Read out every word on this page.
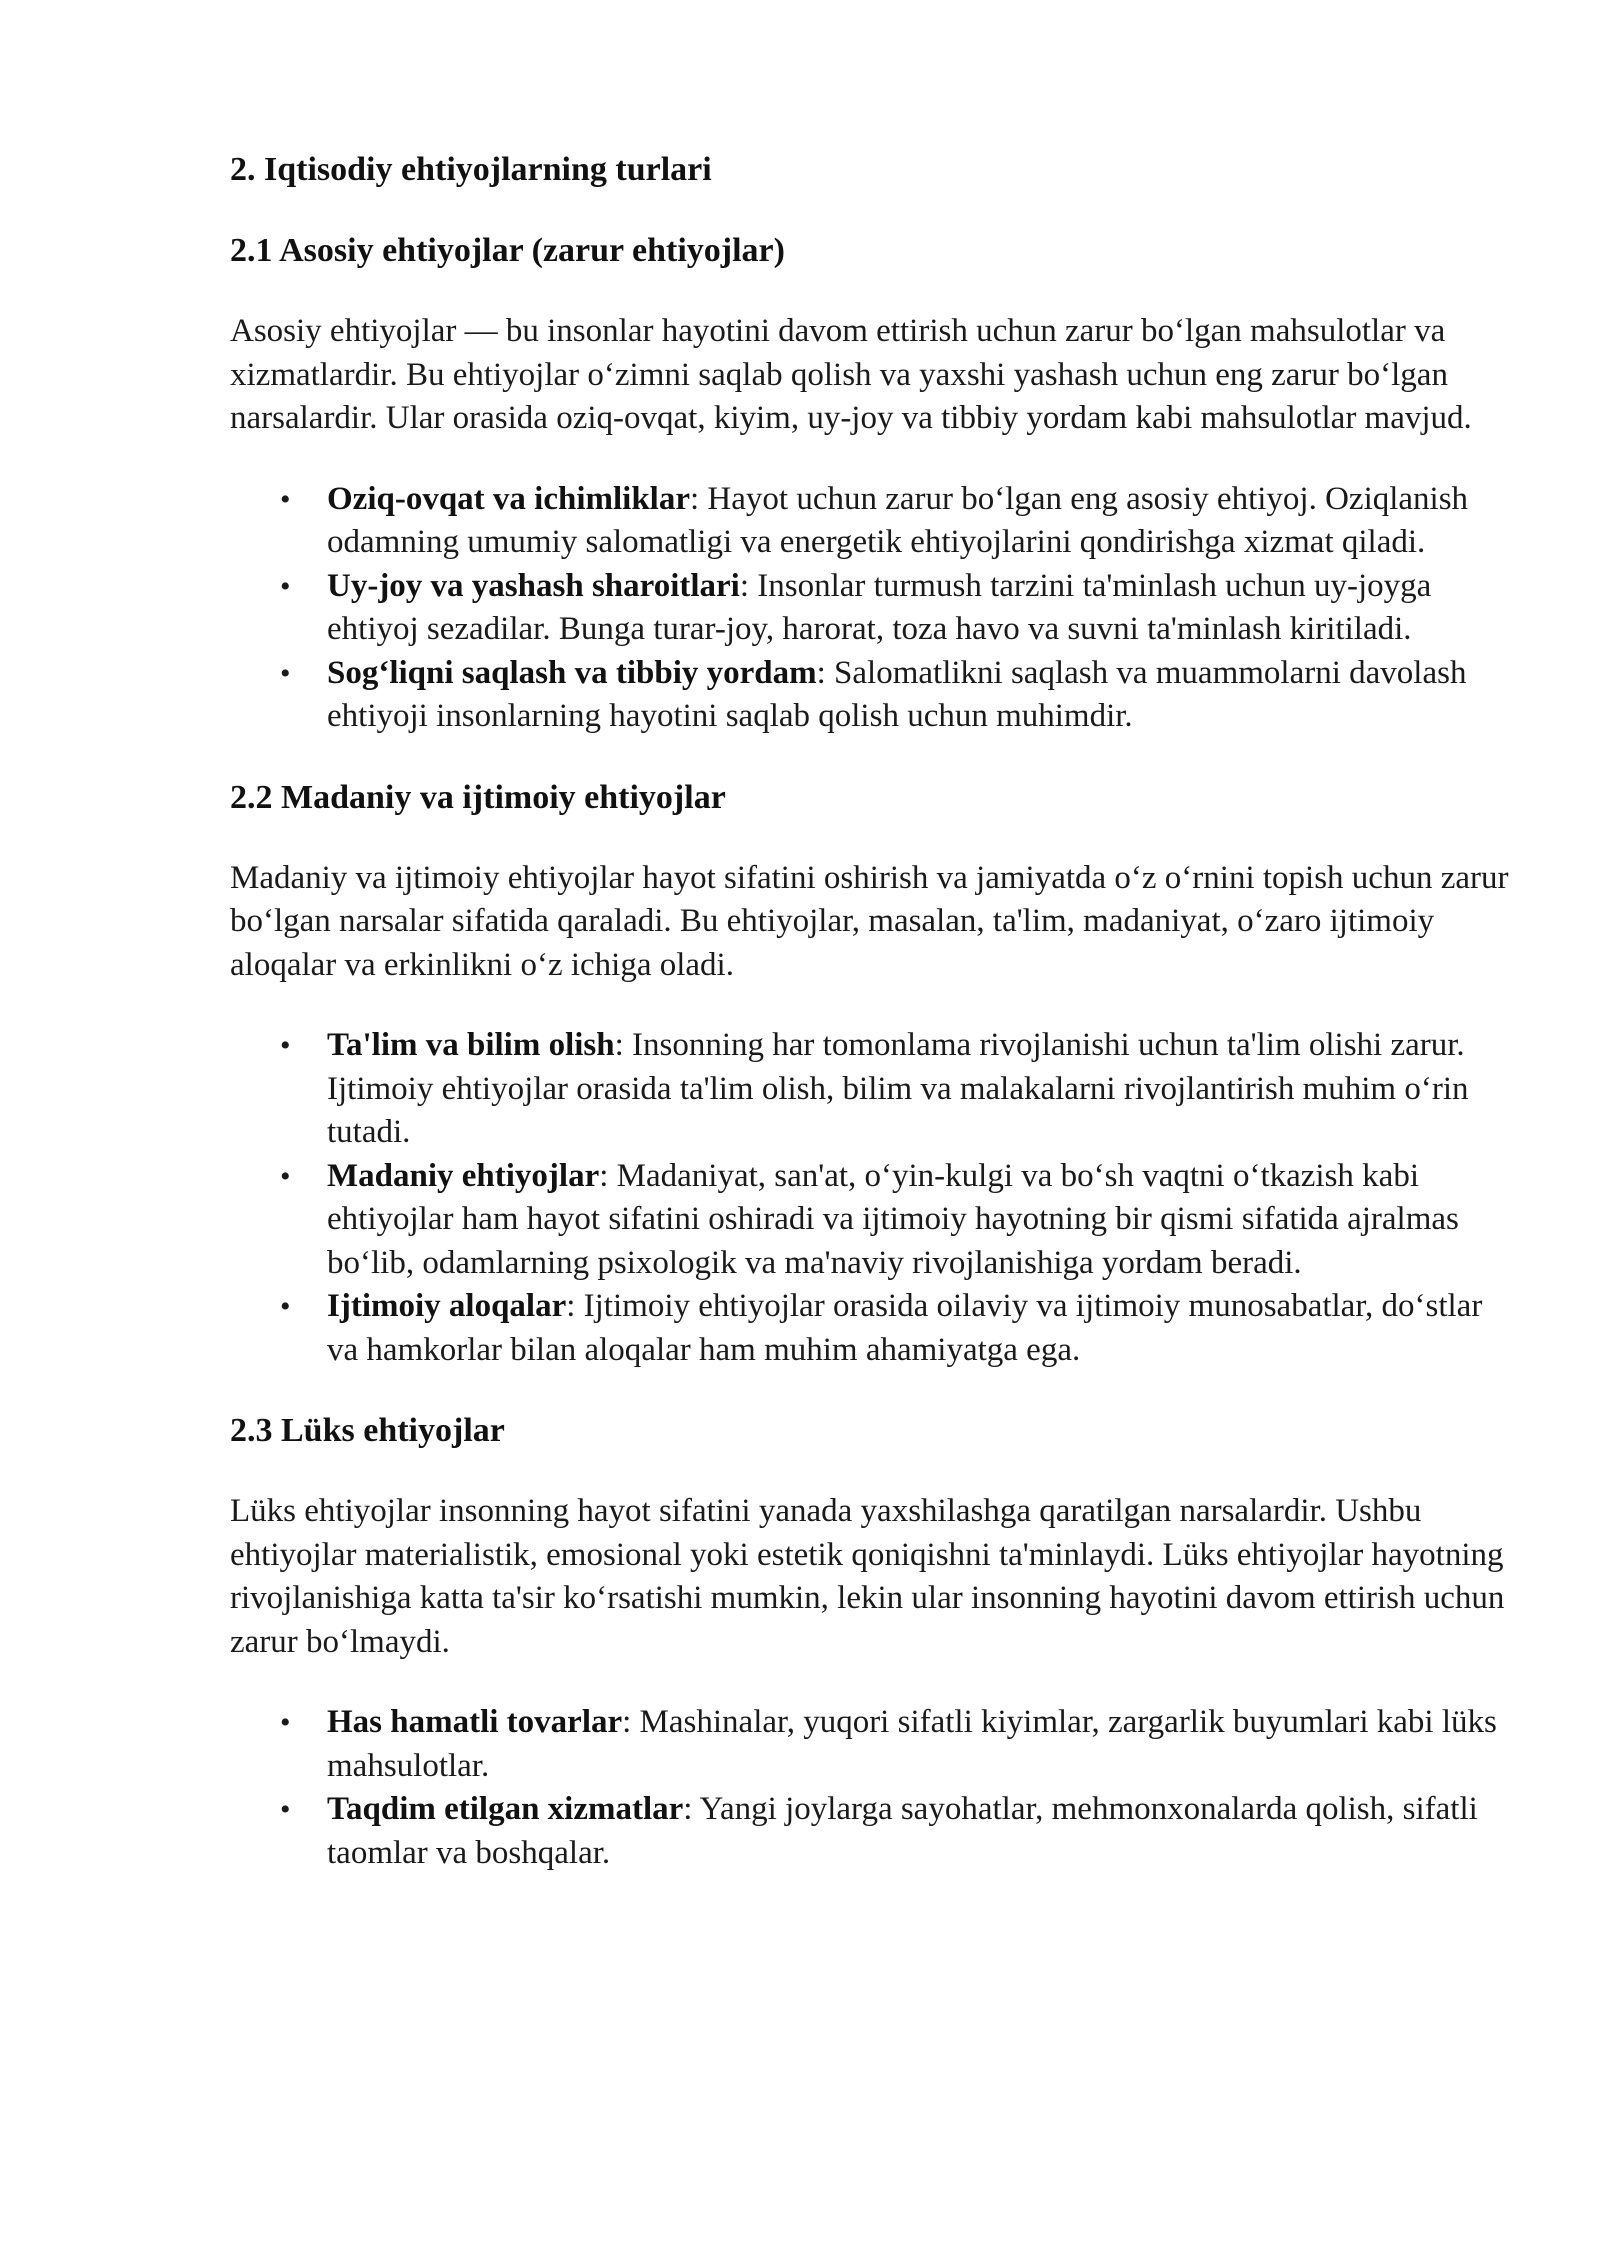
2. Iqtisodiy ehtiyojlarning turlari
2.1 Asosiy ehtiyojlar (zarur ehtiyojlar)

Asosiy ehtiyojlar — bu insonlar hayotini davom ettirish uchun zarur bo‘lgan mahsulotlar va xizmatlardir. Bu ehtiyojlar o‘zimni saqlab qolish va yaxshi yashash uchun eng zarur bo‘lgan narsalardir. Ular orasida oziq-ovqat, kiyim, uy-joy va tibbiy yordam kabi mahsulotlar mavjud.

• Oziq-ovqat va ichimliklar: Hayot uchun zarur bo‘lgan eng asosiy ehtiyoj. Oziqlanish odamning umumiy salomatligi va energetik ehtiyojlarini qondirishga xizmat qiladi.
• Uy-joy va yashash sharoitlari: Insonlar turmush tarzini ta'minlash uchun uy-joyga ehtiyoj sezadilar. Bunga turar-joy, harorat, toza havo va suvni ta'minlash kiritiladi.
• Sog‘liqni saqlash va tibbiy yordam: Salomatlikni saqlash va muammolarni davolash ehtiyoji insonlarning hayotini saqlab qolish uchun muhimdir.
2.2 Madaniy va ijtimoiy ehtiyojlar

Madaniy va ijtimoiy ehtiyojlar hayot sifatini oshirish va jamiyatda o‘z o‘rnini topish uchun zarur bo‘lgan narsalar sifatida qaraladi. Bu ehtiyojlar, masalan, ta'lim, madaniyat, o‘zaro ijtimoiy aloqalar va erkinlikni o‘z ichiga oladi.

• Ta'lim va bilim olish: Insonning har tomonlama rivojlanishi uchun ta'lim olishi zarur. Ijtimoiy ehtiyojlar orasida ta'lim olish, bilim va malakalarni rivojlantirish muhim o‘rin tutadi.
• Madaniy ehtiyojlar: Madaniyat, san'at, o‘yin-kulgi va bo‘sh vaqtni o‘tkazish kabi ehtiyojlar ham hayot sifatini oshiradi va ijtimoiy hayotning bir qismi sifatida ajralmas bo‘lib, odamlarning psixologik va ma'naviy rivojlanishiga yordam beradi.
• Ijtimoiy aloqalar: Ijtimoiy ehtiyojlar orasida oilaviy va ijtimoiy munosabatlar, do‘stlar va hamkorlar bilan aloqalar ham muhim ahamiyatga ega.
2.3 Lüks ehtiyojlar

Lüks ehtiyojlar insonning hayot sifatini yanada yaxshilashga qaratilgan narsalardir. Ushbu ehtiyojlar materialistik, emosional yoki estetik qoniqishni ta'minlaydi. Lüks ehtiyojlar hayotning rivojlanishiga katta ta'sir ko‘rsatishi mumkin, lekin ular insonning hayotini davom ettirish uchun zarur bo‘lmaydi.

• Has hamatli tovarlar: Mashinalar, yuqori sifatli kiyimlar, zargarlik buyumlari kabi lüks mahsulotlar.
• Taqdim etilgan xizmatlar: Yangi joylarga sayohatlar, mehmonxonalarda qolish, sifatli taomlar va boshqalar.
